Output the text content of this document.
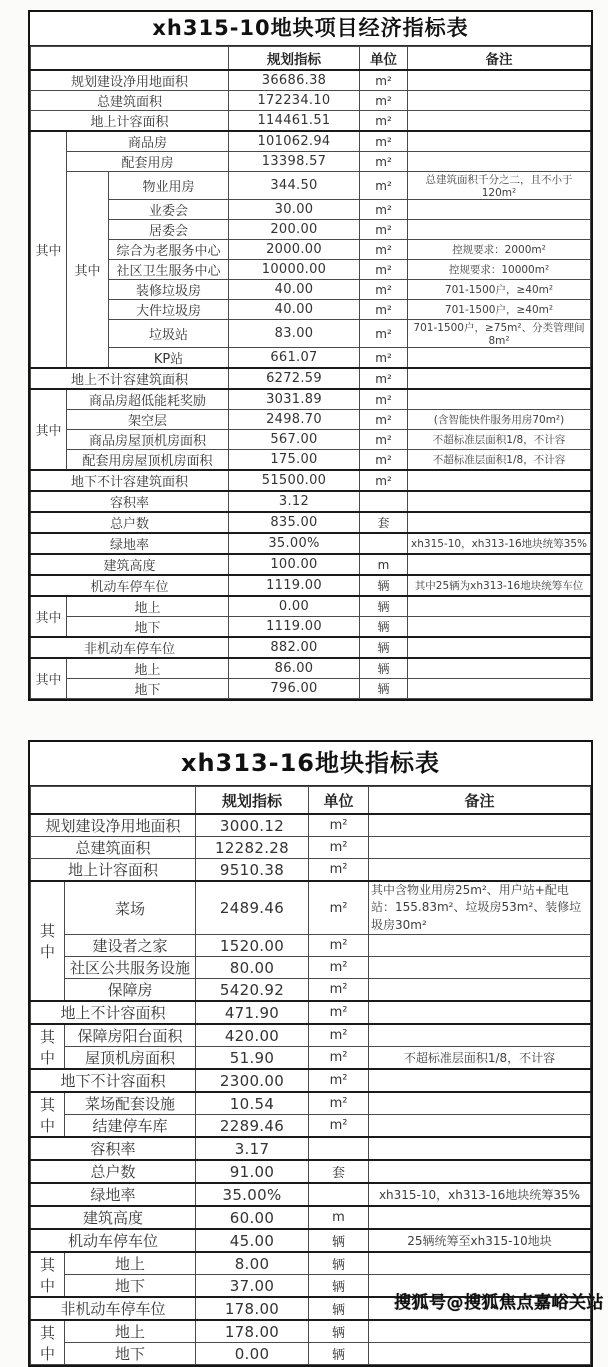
xh315-10地块项目经济指标表
			规划指标	单位	备注
规划建设净用地面积			36686.38	m²	
总建筑面积			172234.10	m²	
地上计容面积			114461.51	m²	
其中	商品房		101062.94	m²	
	配套用房		13398.57	m²	
	其中	物业用房	344.50	m²	总建筑面积千分之二，且不小于120m²
		业委会	30.00	m²	
		居委会	200.00	m²	
		综合为老服务中心	2000.00	m²	控规要求：2000m²
		社区卫生服务中心	10000.00	m²	控规要求：10000m²
		装修垃圾房	40.00	m²	701-1500户，≥40m²
		大件垃圾房	40.00	m²	701-1500户，≥40m²
		垃圾站	83.00	m²	701-1500户，≥75m²、分类管理间8m²
		KP站	661.07	m²	
地上不计容建筑面积			6272.59	m²	
其中	商品房超低能耗奖励		3031.89	m²	
	架空层		2498.70	m²	(含智能快件服务用房70m²)
	商品房屋顶机房面积		567.00	m²	不超标准层面积1/8，不计容
	配套用房屋顶机房面积		175.00	m²	不超标准层面积1/8，不计容
地下不计容建筑面积			51500.00	m²	
容积率			3.12		
总户数			835.00	套	
绿地率			35.00%		xh315-10，xh313-16地块统筹35%
建筑高度			100.00	m	
机动车停车位			1119.00	辆	其中25辆为xh313-16地块统筹车位
其中	地上		0.00	辆	
	地下		1119.00	辆	
非机动车停车位			882.00	辆	
其中	地上		86.00	辆	
	地下		796.00	辆	

xh313-16地块指标表
		规划指标	单位	备注
规划建设净用地面积		3000.12	m²	
总建筑面积		12282.28	m²	
地上计容面积		9510.38	m²	
其中	菜场	2489.46	m²	其中含物业用房25m²、用户站+配电站：155.83m²、垃圾房53m²、装修垃圾房30m²
	建设者之家	1520.00	m²	
	社区公共服务设施	80.00	m²	
	保障房	5420.92	m²	
地上不计容面积		471.90	m²	
其中	保障房阳台面积	420.00	m²	
	屋顶机房面积	51.90	m²	不超标准层面积1/8，不计容
地下不计容面积		2300.00	m²	
其中	菜场配套设施	10.54	m²	
	结建停车库	2289.46	m²	
容积率		3.17		
总户数		91.00	套	
绿地率		35.00%		xh315-10，xh313-16地块统筹35%
建筑高度		60.00	m	
机动车停车位		45.00	辆	25辆统筹至xh315-10地块
其中	地上	8.00	辆	
	地下	37.00	辆	
非机动车停车位		178.00	辆	
其中	地上	178.00	辆	
	地下	0.00	辆	
搜狐号@搜狐焦点嘉峪关站
